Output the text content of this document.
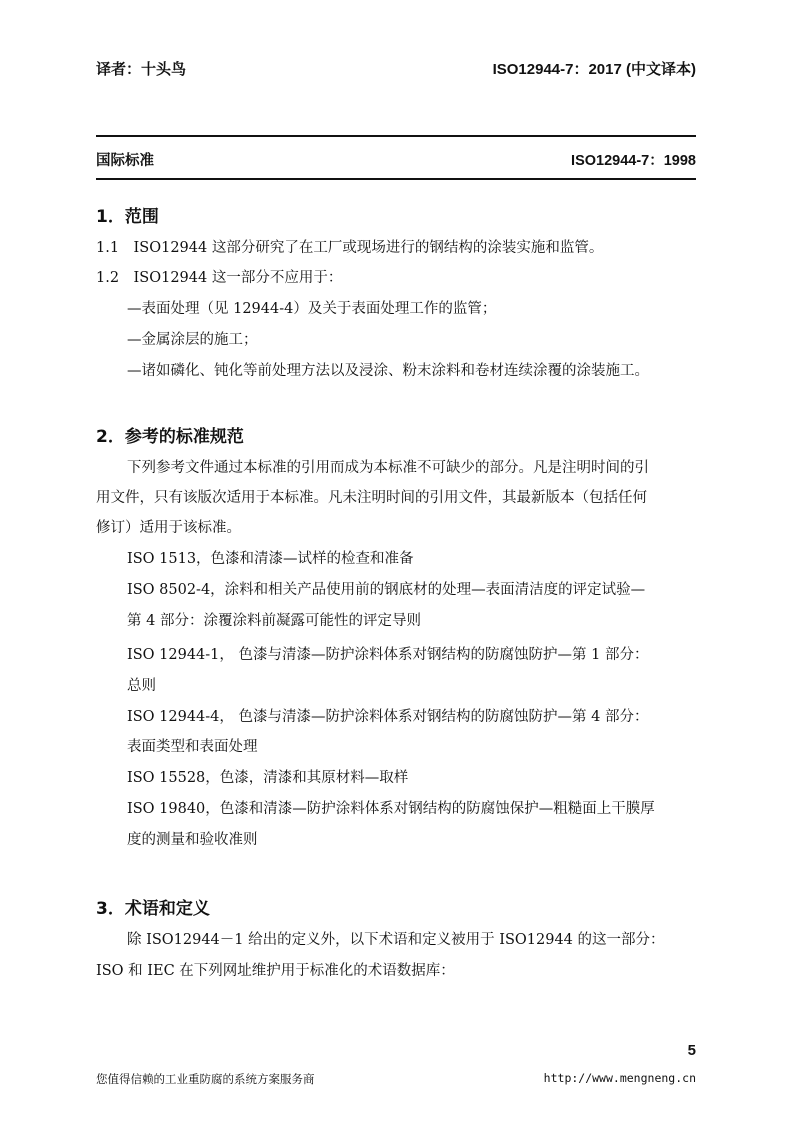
译者：十头鸟	ISO12944-7：2017 (中文译本)
国际标准	ISO12944-7：1998
1．范围
1.1　ISO12944 这部分研究了在工厂或现场进行的钢结构的涂装实施和监管。
1.2　ISO12944 这一部分不应用于：
—表面处理（见 12944-4）及关于表面处理工作的监管；
—金属涂层的施工；
—诸如磷化、钝化等前处理方法以及浸涂、粉末涂料和卷材连续涂覆的涂装施工。
2．参考的标准规范
下列参考文件通过本标准的引用而成为本标准不可缺少的部分。凡是注明时间的引
用文件，只有该版次适用于本标准。凡未注明时间的引用文件，其最新版本（包括任何
修订）适用于该标准。
ISO 1513，色漆和清漆—试样的检查和准备
ISO 8502-4，涂料和相关产品使用前的钢底材的处理—表面清洁度的评定试验—
第 4 部分：涂覆涂料前凝露可能性的评定导则
ISO 12944-1， 色漆与清漆—防护涂料体系对钢结构的防腐蚀防护—第 1 部分：
总则
ISO 12944-4， 色漆与清漆—防护涂料体系对钢结构的防腐蚀防护—第 4 部分：
表面类型和表面处理
ISO 15528，色漆，清漆和其原材料—取样
ISO 19840，色漆和清漆—防护涂料体系对钢结构的防腐蚀保护—粗糙面上干膜厚
度的测量和验收准则
3．术语和定义
除 ISO12944－1 给出的定义外，以下术语和定义被用于 ISO12944 的这一部分：
ISO 和 IEC 在下列网址维护用于标准化的术语数据库：
5
您值得信赖的工业重防腐的系统方案服务商	http://www.mengneng.cn
